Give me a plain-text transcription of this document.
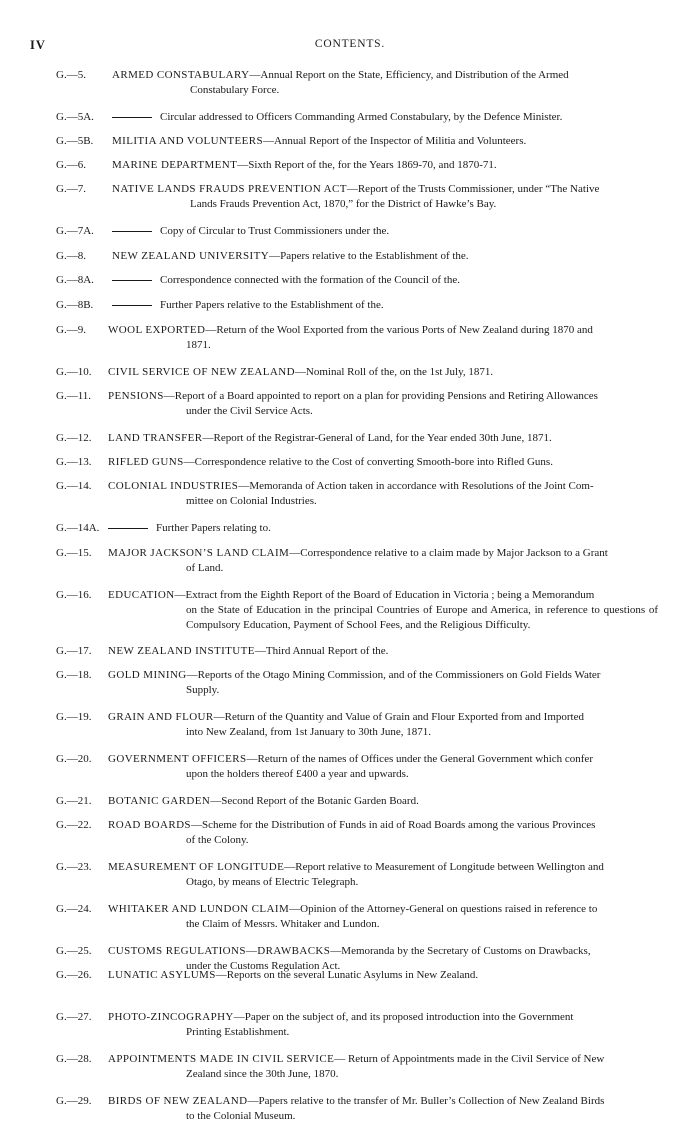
IV	CONTENTS.
G.—5. ARMED CONSTABULARY—Annual Report on the State, Efficiency, and Distribution of the Armed

Constabulary Force.

G.—5A.	Circular addressed to Officers Commanding Armed Constabulary, by the Defence Minister.

G.—5B. MILITIA AND VOLUNTEERS—Annual Report of the Inspector of Militia and Volunteers.

G.—6. MARINE DEPARTMENT—Sixth Report of the, for the Years 1869-70, and 1870-71.

G.—7. NATIVE LANDS FRAUDS PREVENTION ACT—Report of the Trusts Commissioner, under “The Native

Lands Frauds Prevention Act, 1870,” for the District of Hawke’s Bay.

G.—7A.	Copy of Circular to Trust Commissioners under the.

G.—8. NEW ZEALAND UNIVERSITY—Papers relative to the Establishment of the.

G.—8A.	Correspondence connected with the formation of the Council of the.

G.—8B.	Further Papers relative to the Establishment of the.

G.—9. WOOL EXPORTED—Return of the Wool Exported from the various Ports of New Zealand during 1870 and

1871.

G.—10. CIVIL SERVICE OF NEW ZEALAND—Nominal Roll of the, on the 1st July, 1871.

G.—11. PENSIONS—Report of a Board appointed to report on a plan for providing Pensions and Retiring Allowances

under the Civil Service Acts.

G.—12. LAND TRANSFER—Report of the Registrar-General of Land, for the Year ended 30th June, 1871.

G.—13. RIFLED GUNS—Correspondence relative to the Cost of converting Smooth-bore into Rifled Guns.

G.—14. COLONIAL INDUSTRIES—Memoranda of Action taken in accordance with Resolutions of the Joint Com-

mittee on Colonial Industries.

G.—14A.	Further Papers relating to.

G.—15. MAJOR JACKSON’S LAND CLAIM—Correspondence relative to a claim made by Major Jackson to a Grant

of Land.

G.—16. EDUCATION—Extract from the Eighth Report of the Board of Education in Victoria ; being a Memorandum

on the State of Education in the principal Countries of Europe and America, in reference to questions of Compulsory Education, Payment of School Fees, and the Religious Difficulty.

G.—17. NEW ZEALAND INSTITUTE—Third Annual Report of the.

G.—18. GOLD MINING—Reports of the Otago Mining Commission, and of the Commissioners on Gold Fields Water

Supply.

G.—19. GRAIN AND FLOUR—Return of the Quantity and Value of Grain and Flour Exported from and Imported

into New Zealand, from 1st January to 30th June, 1871.

G.—20. GOVERNMENT OFFICERS—Return of the names of Offices under the General Government which confer

upon the holders thereof £400 a year and upwards.

G.—21. BOTANIC GARDEN—Second Report of the Botanic Garden Board.

G.—22. ROAD BOARDS—Scheme for the Distribution of Funds in aid of Road Boards among the various Provinces

of the Colony.

G.—23. MEASUREMENT OF LONGITUDE—Report relative to Measurement of Longitude between Wellington and

Otago, by means of Electric Telegraph.

G.—24. WHITAKER AND LUNDON CLAIM—Opinion of the Attorney-General on questions raised in reference to

the Claim of Messrs. Whitaker and Lundon.

G.—25. CUSTOMS REGULATIONS—DRAWBACKS—Memoranda by the Secretary of Customs on Drawbacks,

under the Customs Regulation Act.

G.—26. LUNATIC ASYLUMS—Reports on the several Lunatic Asylums in New Zealand.

G.—27. PHOTO-ZINCOGRAPHY—Paper on the subject of, and its proposed introduction into the Government

Printing Establishment.

G.—28. APPOINTMENTS MADE IN CIVIL SERVICE— Return of Appointments made in the Civil Service of New

Zealand since the 30th June, 1870.

G.—29. BIRDS OF NEW ZEALAND—Papers relative to the transfer of Mr. Buller’s Collection of New Zealand Birds

to the Colonial Museum.
